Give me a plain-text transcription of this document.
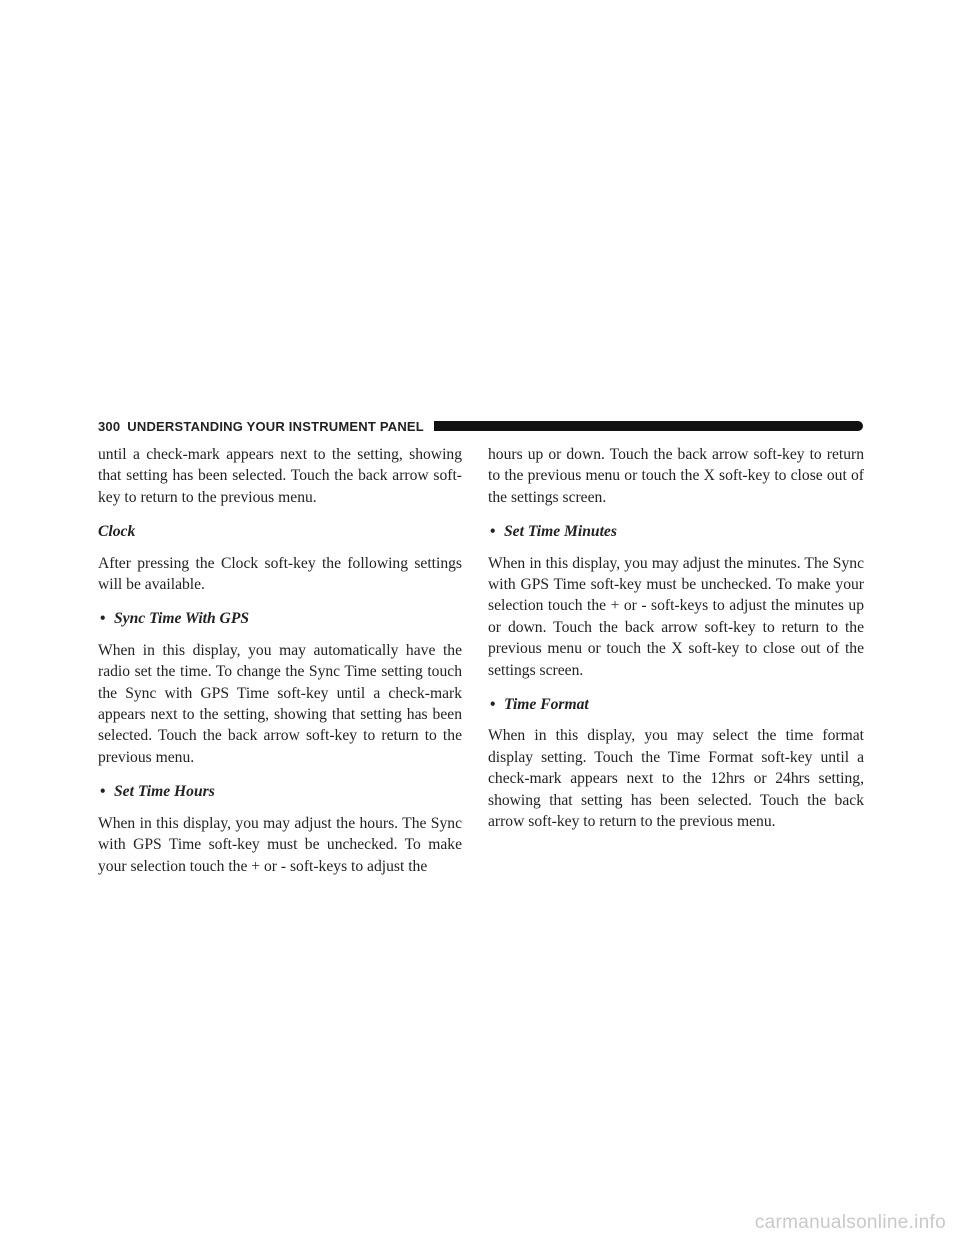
300 UNDERSTANDING YOUR INSTRUMENT PANEL

until a check-mark appears next to the setting, showing that setting has been selected. Touch the back arrow soft-key to return to the previous menu.

Clock

After pressing the Clock soft-key the following settings will be available.

• Sync Time With GPS

When in this display, you may automatically have the radio set the time. To change the Sync Time setting touch the Sync with GPS Time soft-key until a check-mark appears next to the setting, showing that setting has been selected. Touch the back arrow soft-key to return to the previous menu.

• Set Time Hours

When in this display, you may adjust the hours. The Sync with GPS Time soft-key must be unchecked. To make your selection touch the + or - soft-keys to adjust the

hours up or down. Touch the back arrow soft-key to return to the previous menu or touch the X soft-key to close out of the settings screen.

• Set Time Minutes

When in this display, you may adjust the minutes. The Sync with GPS Time soft-key must be unchecked. To make your selection touch the + or - soft-keys to adjust the minutes up or down. Touch the back arrow soft-key to return to the previous menu or touch the X soft-key to close out of the settings screen.

• Time Format

When in this display, you may select the time format display setting. Touch the Time Format soft-key until a check-mark appears next to the 12hrs or 24hrs setting, showing that setting has been selected. Touch the back arrow soft-key to return to the previous menu.

carmanualsonline.info
